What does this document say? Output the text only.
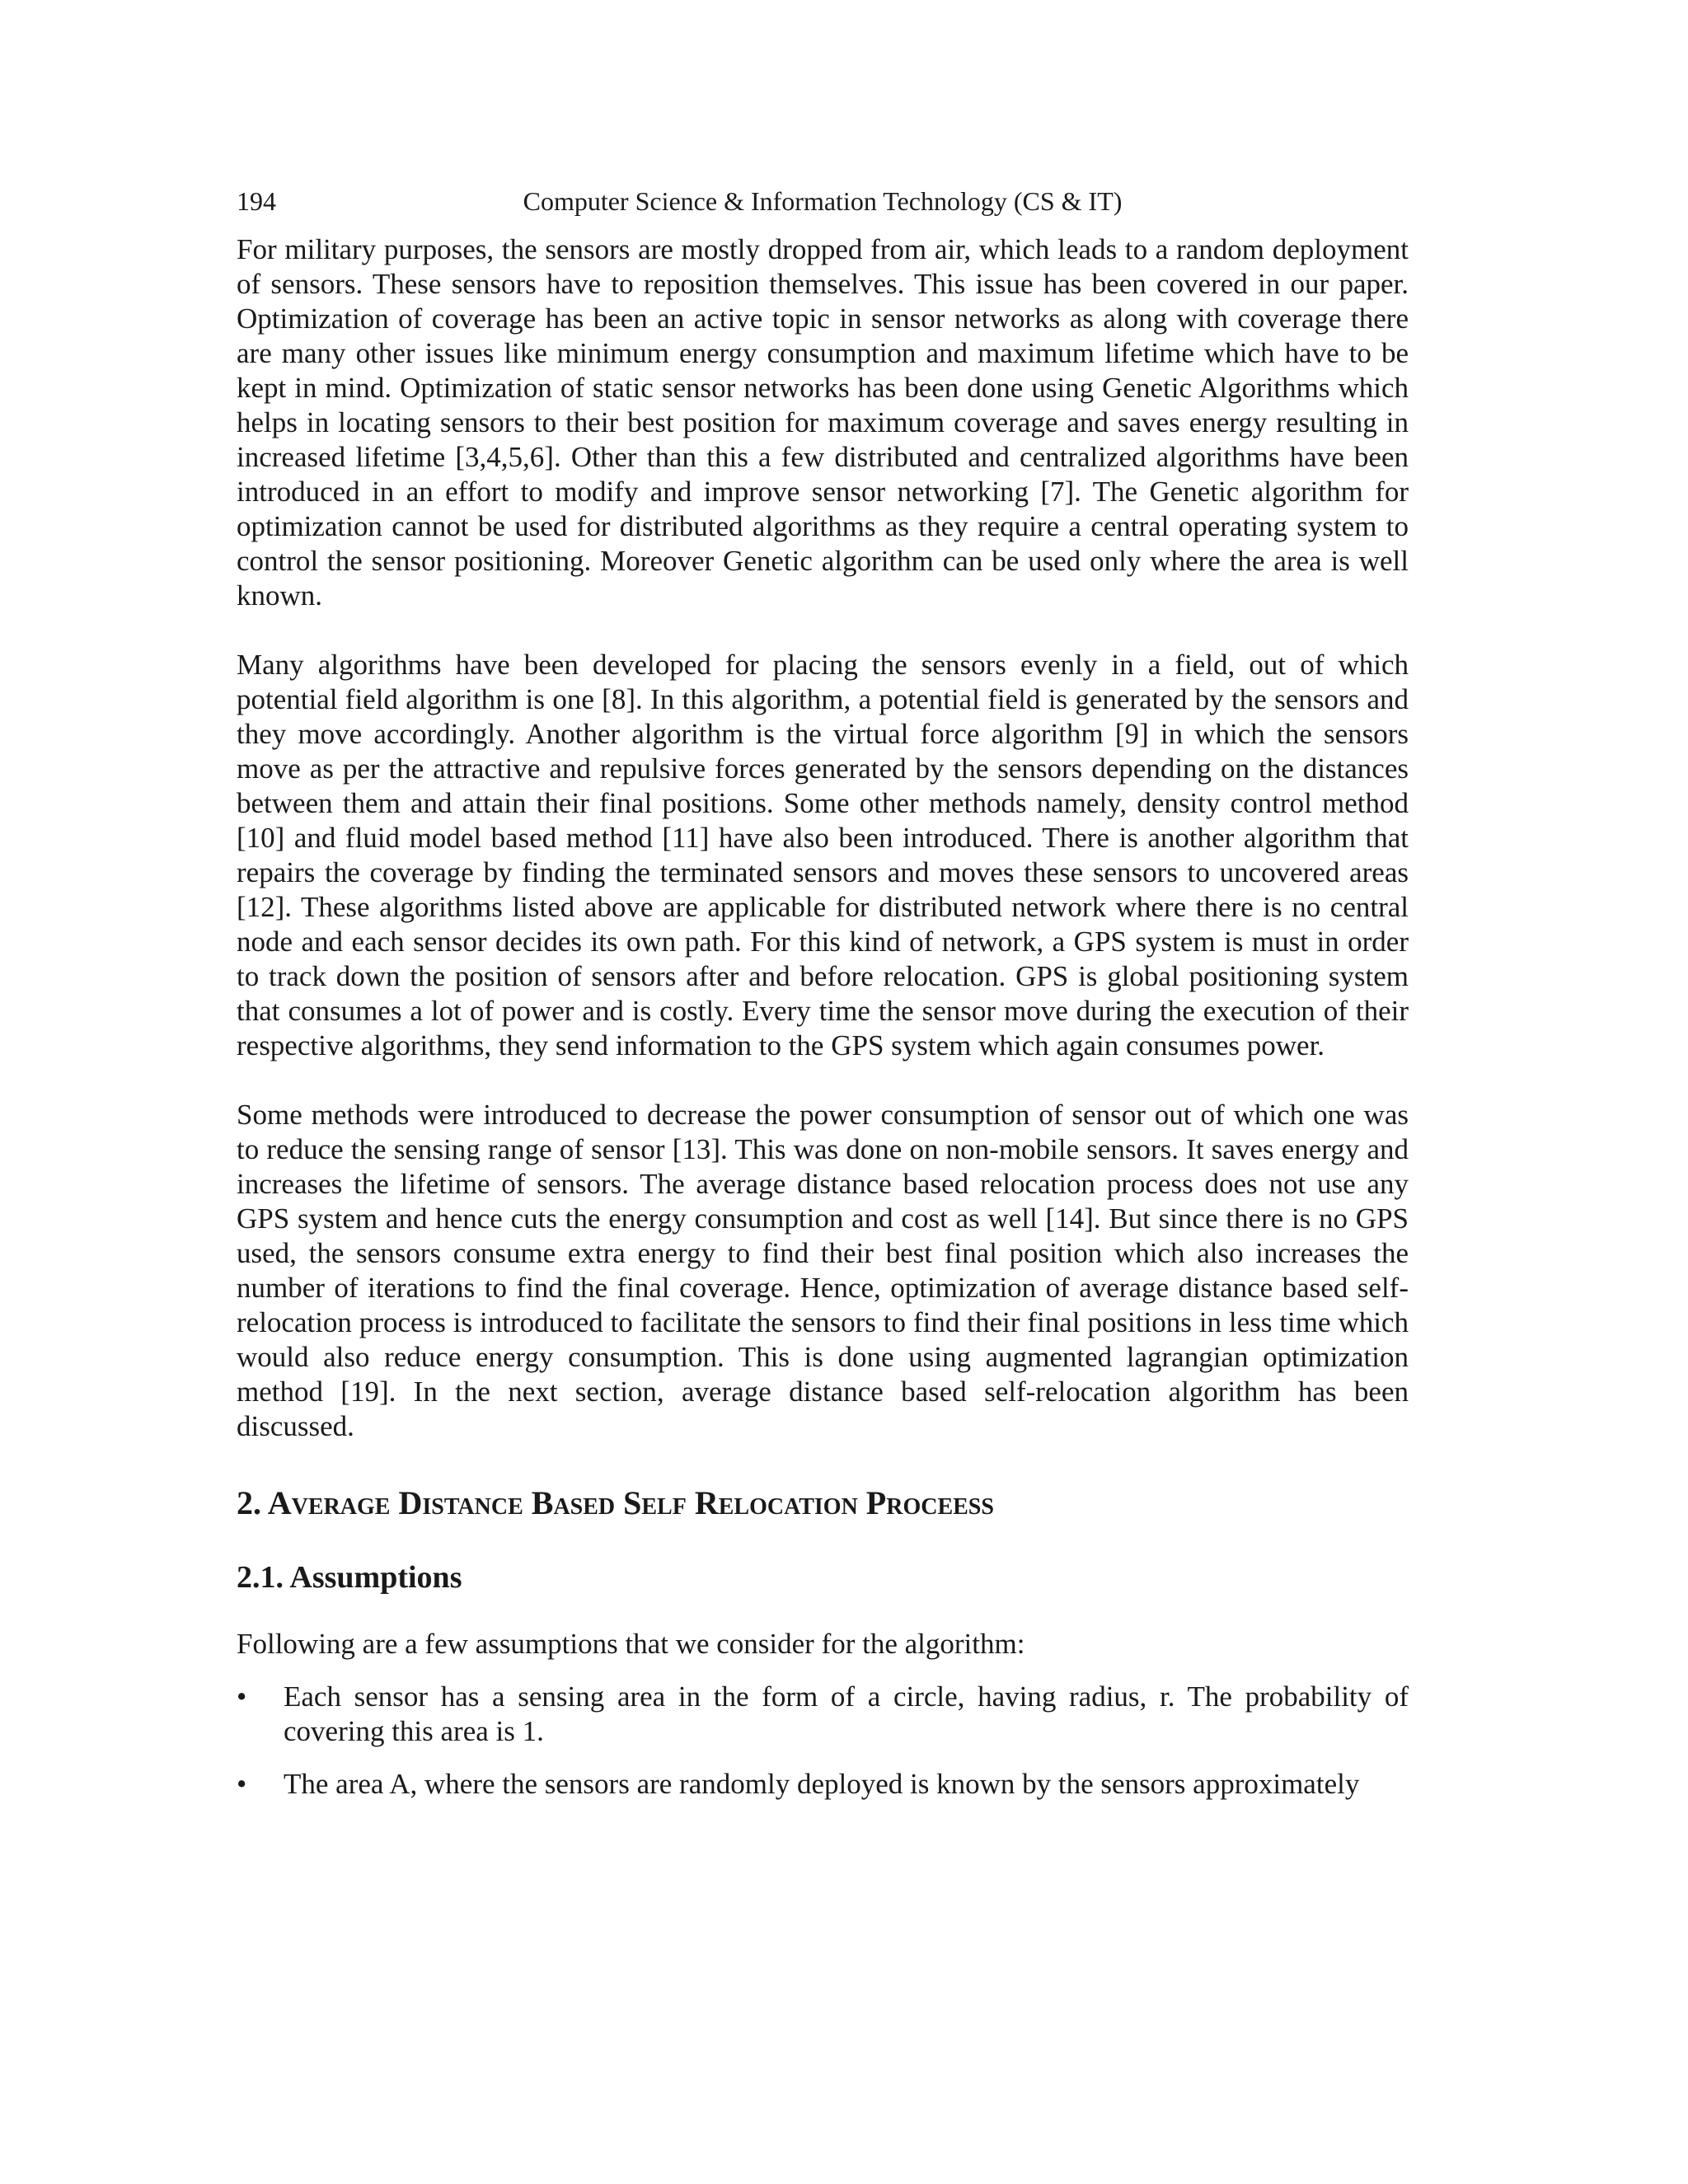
194	Computer Science & Information Technology (CS & IT)

For military purposes, the sensors are mostly dropped from air, which leads to a random deployment of sensors. These sensors have to reposition themselves. This issue has been covered in our paper. Optimization of coverage has been an active topic in sensor networks as along with coverage there are many other issues like minimum energy consumption and maximum lifetime which have to be kept in mind. Optimization of static sensor networks has been done using Genetic Algorithms which helps in locating sensors to their best position for maximum coverage and saves energy resulting in increased lifetime [3,4,5,6]. Other than this a few distributed and centralized algorithms have been introduced in an effort to modify and improve sensor networking [7]. The Genetic algorithm for optimization cannot be used for distributed algorithms as they require a central operating system to control the sensor positioning. Moreover Genetic algorithm can be used only where the area is well known.

Many algorithms have been developed for placing the sensors evenly in a field, out of which potential field algorithm is one [8]. In this algorithm, a potential field is generated by the sensors and they move accordingly. Another algorithm is the virtual force algorithm [9] in which the sensors move as per the attractive and repulsive forces generated by the sensors depending on the distances between them and attain their final positions. Some other methods namely, density control method [10] and fluid model based method [11] have also been introduced. There is another algorithm that repairs the coverage by finding the terminated sensors and moves these sensors to uncovered areas [12]. These algorithms listed above are applicable for distributed network where there is no central node and each sensor decides its own path. For this kind of network, a GPS system is must in order to track down the position of sensors after and before relocation. GPS is global positioning system that consumes a lot of power and is costly. Every time the sensor move during the execution of their respective algorithms, they send information to the GPS system which again consumes power.

Some methods were introduced to decrease the power consumption of sensor out of which one was to reduce the sensing range of sensor [13]. This was done on non-mobile sensors. It saves energy and increases the lifetime of sensors. The average distance based relocation process does not use any GPS system and hence cuts the energy consumption and cost as well [14]. But since there is no GPS used, the sensors consume extra energy to find their best final position which also increases the number of iterations to find the final coverage. Hence, optimization of average distance based self-relocation process is introduced to facilitate the sensors to find their final positions in less time which would also reduce energy consumption. This is done using augmented lagrangian optimization method [19]. In the next section, average distance based self-relocation algorithm has been discussed.

2. Average Distance Based Self Relocation Proceess
2.1. Assumptions

Following are a few assumptions that we consider for the algorithm:

• Each sensor has a sensing area in the form of a circle, having radius, r. The probability of covering this area is 1.
• The area A, where the sensors are randomly deployed is known by the sensors approximately
